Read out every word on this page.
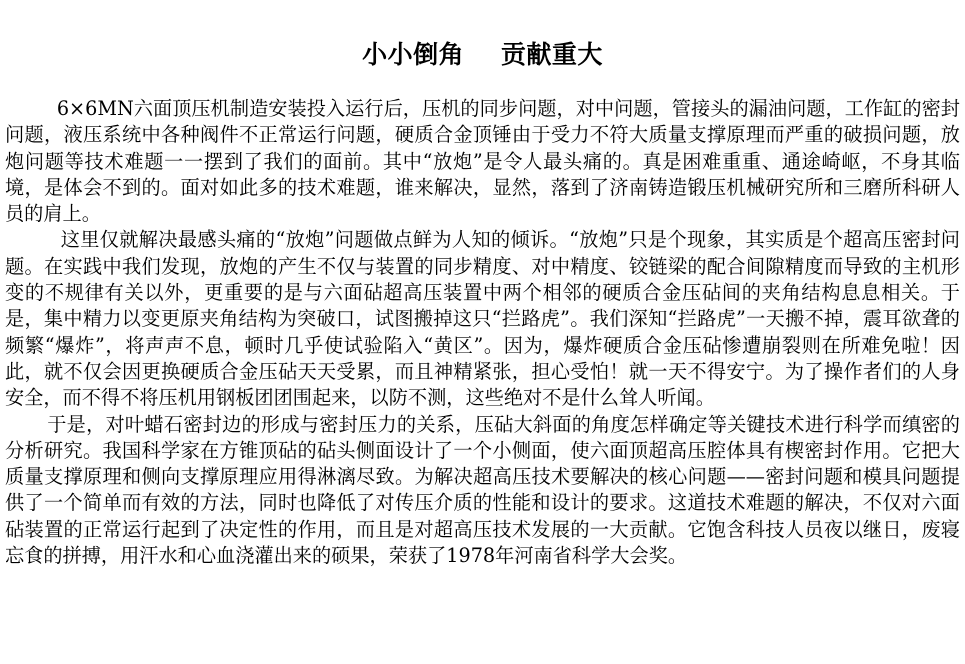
小小倒角    贡献重大

6×6MN六面顶压机制造安装投入运行后，压机的同步问题，对中问题，管接头的漏油问题，工作缸的密封问题，液压系统中各种阀件不正常运行问题，硬质合金顶锤由于受力不符大质量支撑原理而严重的破损问题，放炮问题等技术难题一一摆到了我们的面前。其中“放炮”是令人最头痛的。真是困难重重、通途崎岖，不身其临境，是体会不到的。面对如此多的技术难题，谁来解决，显然，落到了济南铸造锻压机械研究所和三磨所科研人员的肩上。

这里仅就解决最感头痛的“放炮”问题做点鲜为人知的倾诉。“放炮”只是个现象，其实质是个超高压密封问题。在实践中我们发现，放炮的产生不仅与装置的同步精度、对中精度、铰链梁的配合间隙精度而导致的主机形变的不规律有关以外，更重要的是与六面砧超高压装置中两个相邻的硬质合金压砧间的夹角结构息息相关。于是，集中精力以变更原夹角结构为突破口，试图搬掉这只“拦路虎”。我们深知“拦路虎”一天搬不掉，震耳欲聋的频繁“爆炸”，将声声不息，顿时几乎使试验陷入“黄区”。因为，爆炸硬质合金压砧惨遭崩裂则在所难免啦！因此，就不仅会因更换硬质合金压砧天天受累，而且神精紧张，担心受怕！就一天不得安宁。为了操作者们的人身安全，而不得不将压机用钢板团团围起来，以防不测，这些绝对不是什么耸人听闻。

于是，对叶蜡石密封边的形成与密封压力的关系，压砧大斜面的角度怎样确定等关键技术进行科学而缜密的分析研究。我国科学家在方锥顶砧的砧头侧面设计了一个小侧面，使六面顶超高压腔体具有楔密封作用。它把大质量支撑原理和侧向支撑原理应用得淋漓尽致。为解决超高压技术要解决的核心问题——密封问题和模具问题提供了一个简单而有效的方法，同时也降低了对传压介质的性能和设计的要求。这道技术难题的解决，不仅对六面砧装置的正常运行起到了决定性的作用，而且是对超高压技术发展的一大贡献。它饱含科技人员夜以继日，废寝忘食的拼搏，用汗水和心血浇灌出来的硕果，荣获了1978年河南省科学大会奖。
